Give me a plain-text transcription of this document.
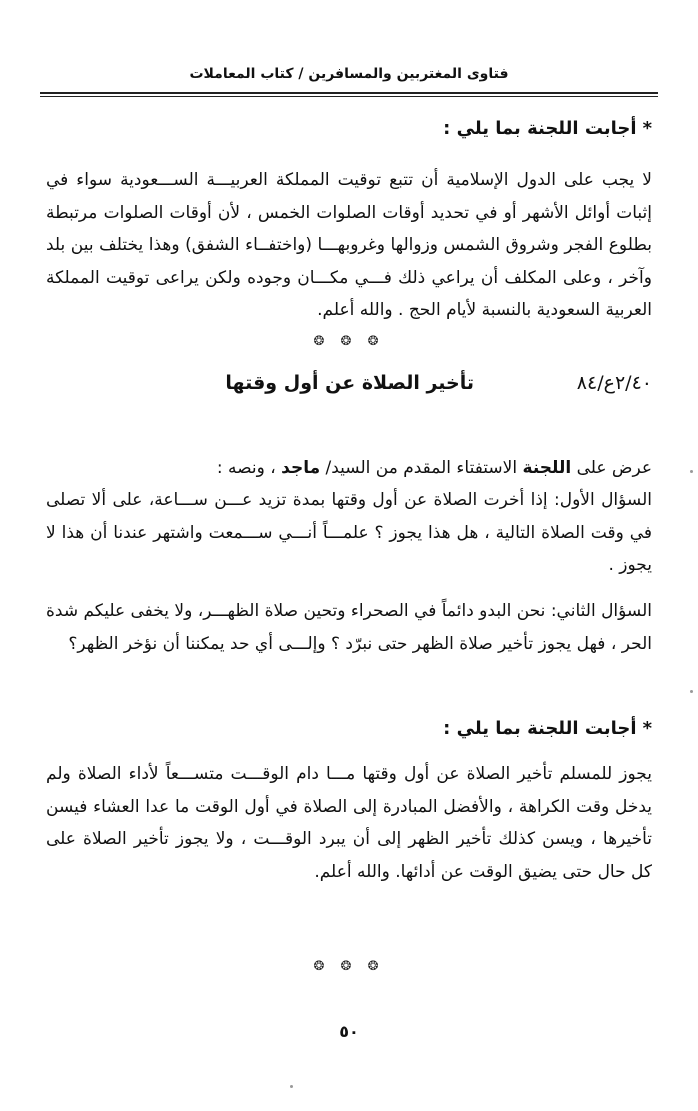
فتاوى المغتربين والمسافرين / كتاب المعاملات
*أجابت اللجنة بما يلي :

لا يجب على الدول الإسلامية أن تتبع توقيت المملكة العربيـــة الســـعودية سواء في إثبات أوائل الأشهر أو في تحديد أوقات الصلوات الخمس ، لأن أوقات الصلوات مرتبطة بطلوع الفجر وشروق الشمس وزوالها وغروبهـــا (واختفــاء الشفق) وهذا يختلف بين بلد وآخر ، وعلى المكلف أن يراعي ذلك فـــي مكـــان وجوده ولكن يراعى توقيت المملكة العربية السعودية بالنسبة لأيام الحج . والله أعلم.

❂ ❂ ❂
٢/٤٠ع/٨٤
تأخير الصلاة عن أول وقتها

عرض على اللجنة الاستفتاء المقدم من السيد/ ماجد ، ونصه :

السؤال الأول: إذا أخرت الصلاة عن أول وقتها بمدة تزيد عـــن ســـاعة، على ألا تصلى في وقت الصلاة التالية ، هل هذا يجوز ؟ علمـــاً أنـــي ســـمعت واشتهر عندنا أن هذا لا يجوز .

السؤال الثاني: نحن البدو دائماً في الصحراء وتحين صلاة الظهـــر، ولا يخفى عليكم شدة الحر ، فهل يجوز تأخير صلاة الظهر حتى نبرّد ؟ وإلـــى أي حد يمكننا أن نؤخر الظهر؟

*أجابت اللجنة بما يلي :

يجوز للمسلم تأخير الصلاة عن أول وقتها مـــا دام الوقـــت متســـعاً لأداء الصلاة ولم يدخل وقت الكراهة ، والأفضل المبادرة إلى الصلاة في أول الوقت ما عدا العشاء فيسن تأخيرها ، ويسن كذلك تأخير الظهر إلى أن يبرد الوقـــت ، ولا يجوز تأخير الصلاة على كل حال حتى يضيق الوقت عن أدائها. والله أعلم.

❂ ❂ ❂
٥٠
